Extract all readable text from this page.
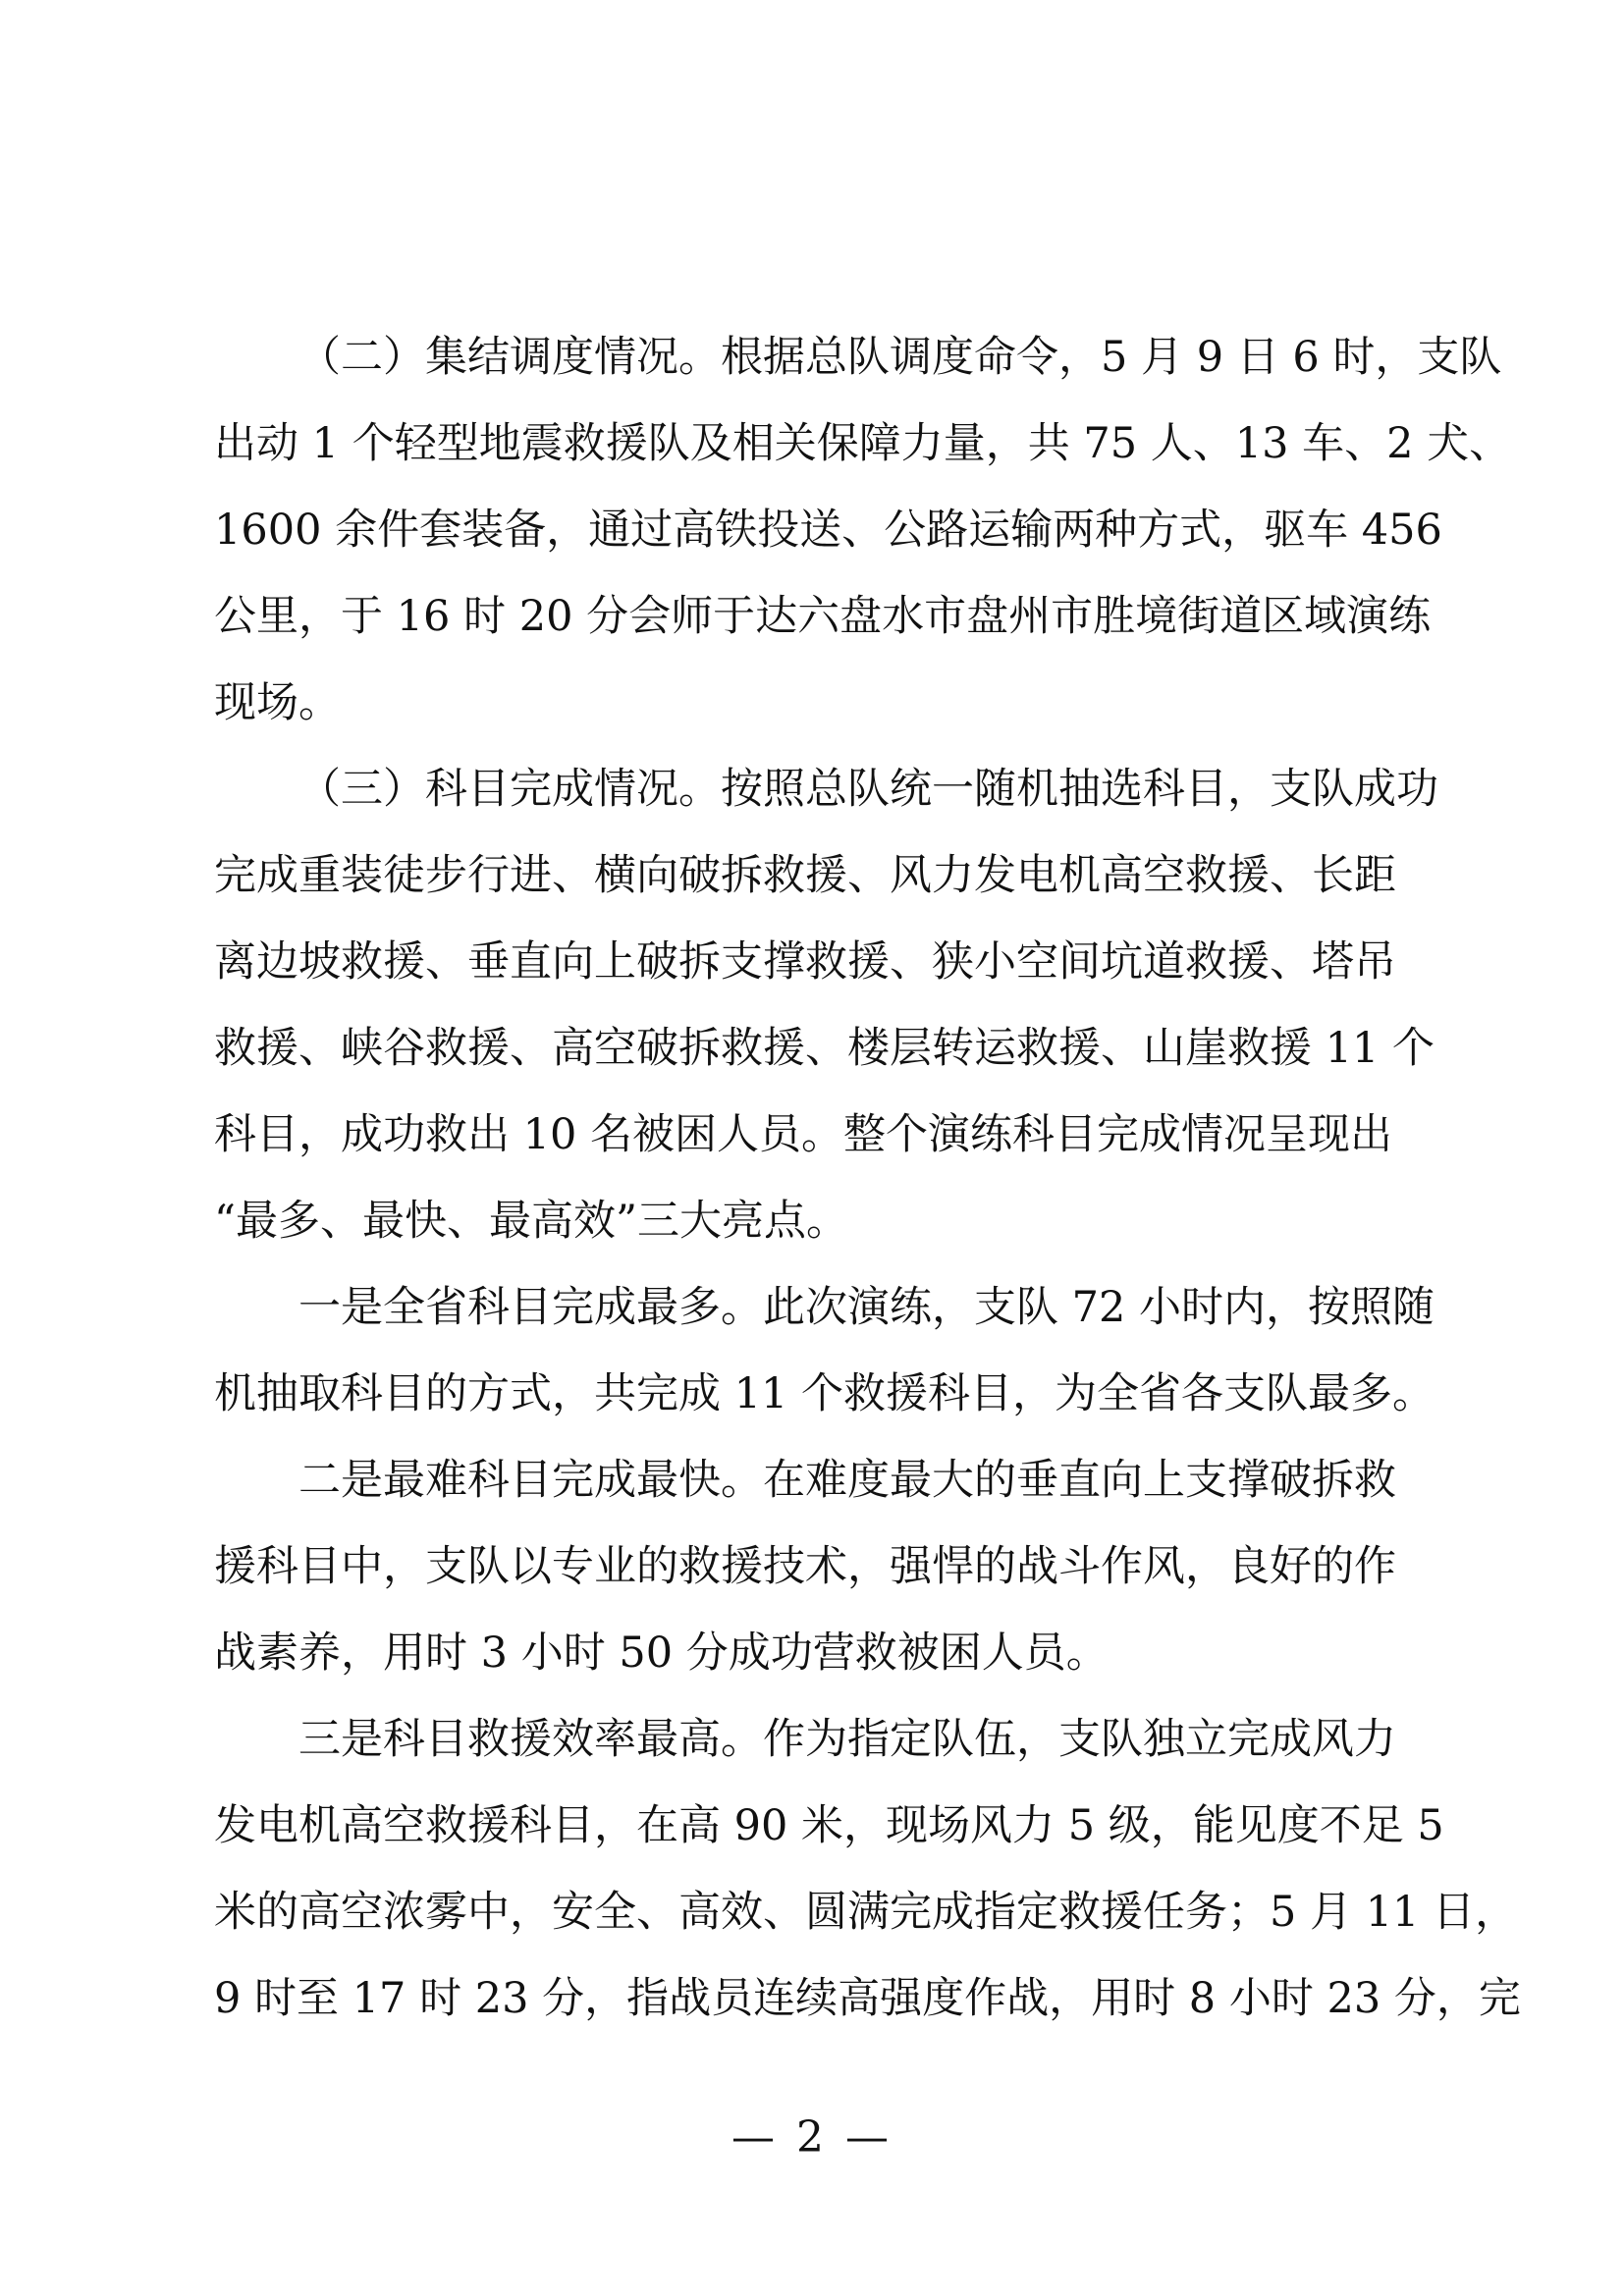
（二）集结调度情况。根据总队调度命令，5 月 9 日 6 时，支队
出动 1 个轻型地震救援队及相关保障力量，共 75 人、13 车、2 犬、
1600 余件套装备，通过高铁投送、公路运输两种方式，驱车 456
公里，于 16 时 20 分会师于达六盘水市盘州市胜境街道区域演练
现场。
（三）科目完成情况。按照总队统一随机抽选科目，支队成功
完成重装徒步行进、横向破拆救援、风力发电机高空救援、长距
离边坡救援、垂直向上破拆支撑救援、狭小空间坑道救援、塔吊
救援、峡谷救援、高空破拆救援、楼层转运救援、山崖救援 11 个
科目，成功救出 10 名被困人员。整个演练科目完成情况呈现出
“最多、最快、最高效”三大亮点。
一是全省科目完成最多。此次演练，支队 72 小时内，按照随
机抽取科目的方式，共完成 11 个救援科目，为全省各支队最多。
二是最难科目完成最快。在难度最大的垂直向上支撑破拆救
援科目中，支队以专业的救援技术，强悍的战斗作风，良好的作
战素养，用时 3 小时 50 分成功营救被困人员。
三是科目救援效率最高。作为指定队伍，支队独立完成风力
发电机高空救援科目，在高 90 米，现场风力 5 级，能见度不足 5
米的高空浓雾中，安全、高效、圆满完成指定救援任务；5 月 11 日，
9 时至 17 时 23 分，指战员连续高强度作战，用时 8 小时 23 分，完
— 2 —
